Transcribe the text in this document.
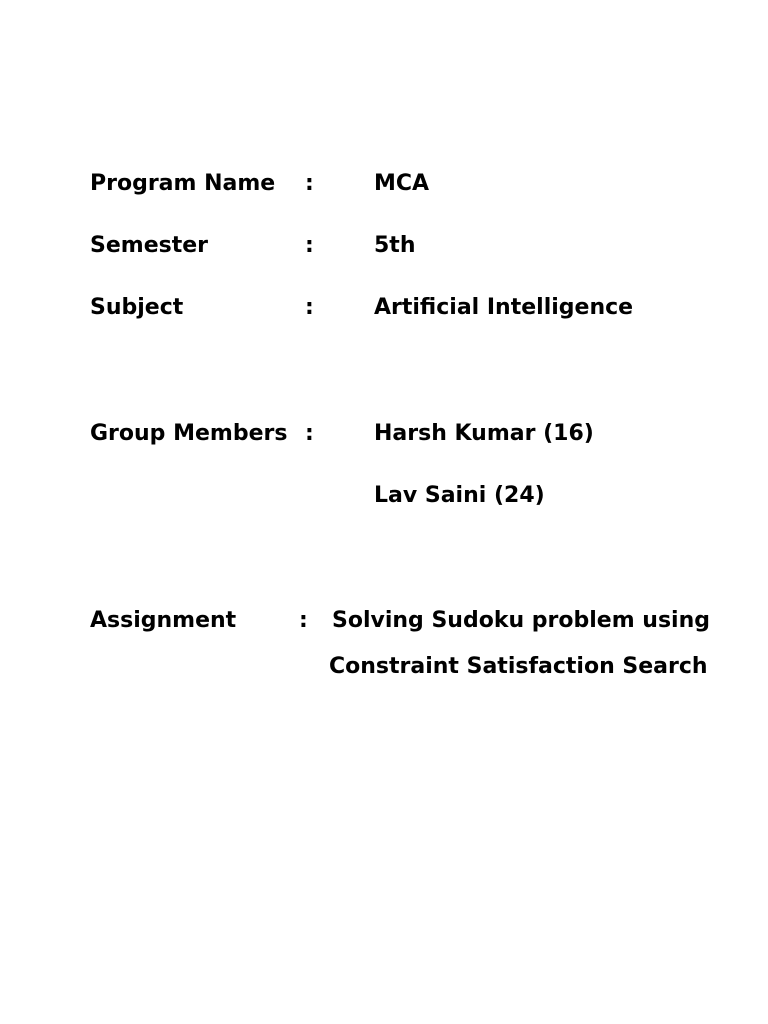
Program Name :	MCA
Semester	:	5th
Subject	:	Artificial Intelligence
Group Members :	Harsh Kumar (16)
Lav Saini (24)
Assignment	: Solving Sudoku problem using
Constraint Satisfaction Search
